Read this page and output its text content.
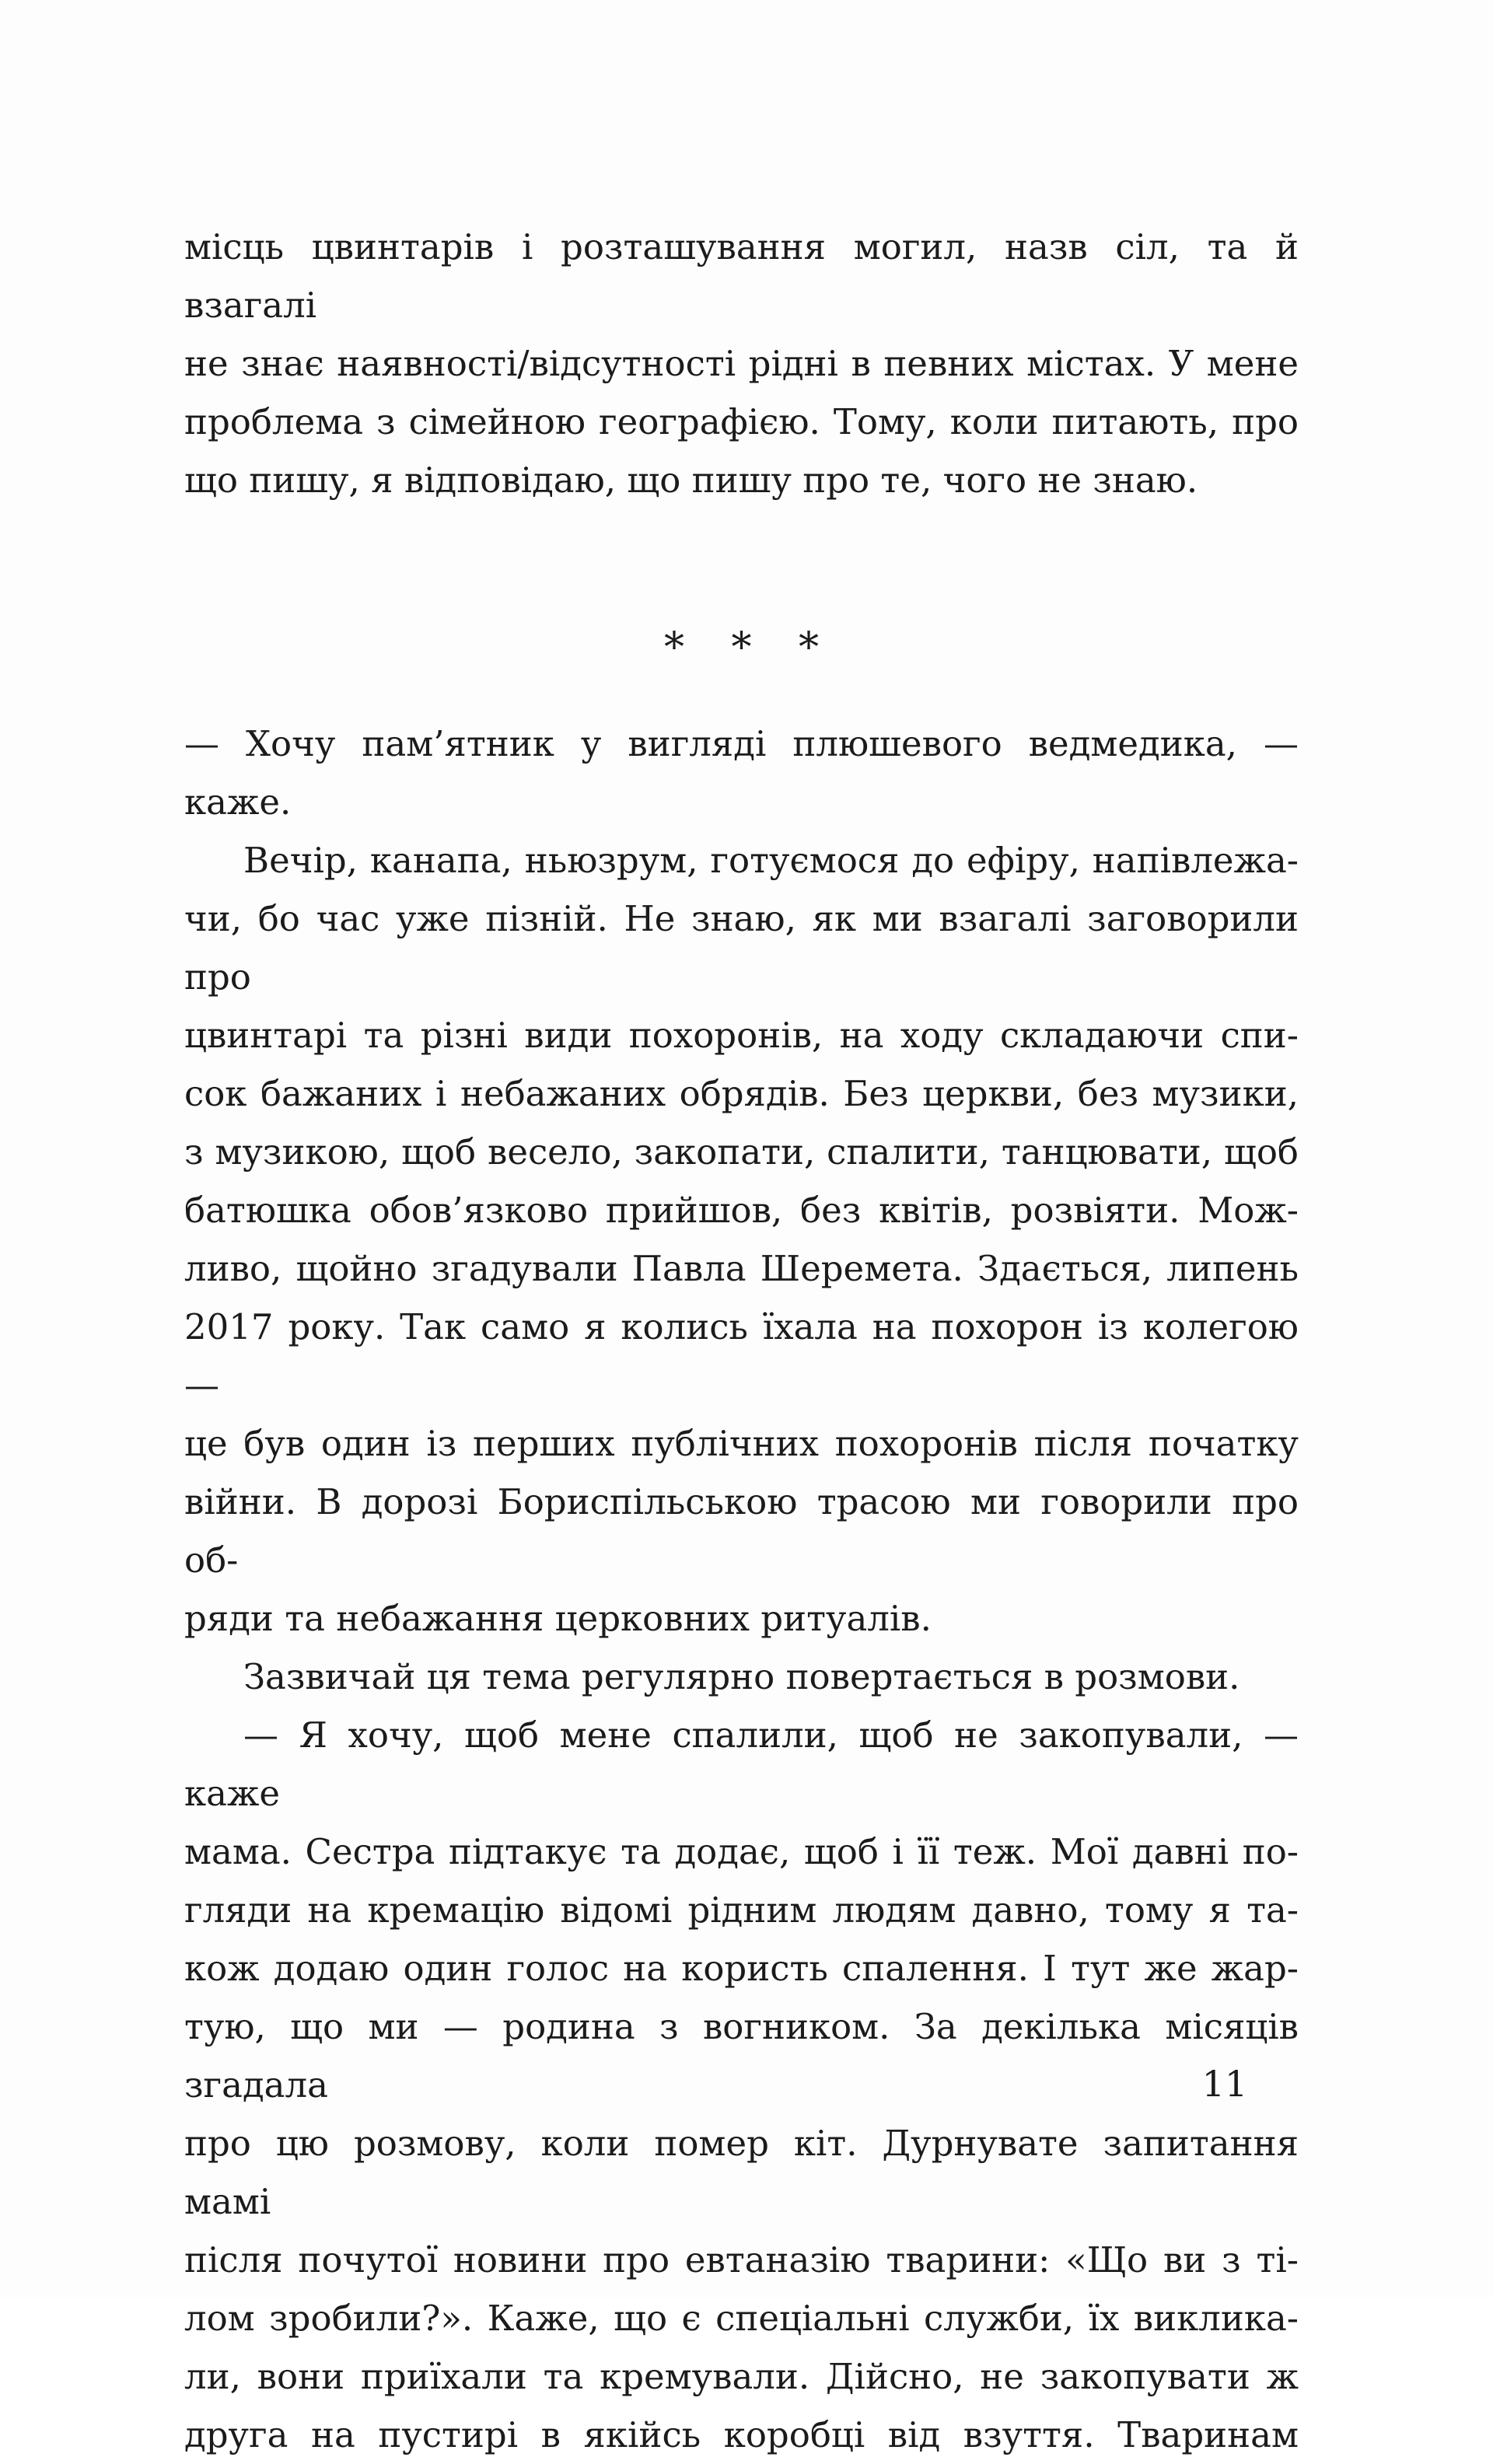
місць цвинтарів і розташування могил, назв сіл, та й взагалі
не знає наявності/відсутності рідні в певних містах. У мене
проблема з сімейною географією. Тому, коли питають, про
що пишу, я відповідаю, що пишу про те, чого не знаю.
* * *
— Хочу пам’ятник у вигляді плюшевого ведмедика, — каже.
Вечір, канапа, ньюзрум, готуємося до ефіру, напівлежа-
чи, бо час уже пізній. Не знаю, як ми взагалі заговорили про
цвинтарі та різні види похоронів, на ходу складаючи спи-
сок бажаних і небажаних обрядів. Без церкви, без музики,
з музикою, щоб весело, закопати, спалити, танцювати, щоб
батюшка обов’язково прийшов, без квітів, розвіяти. Мож-
ливо, щойно згадували Павла Шеремета. Здається, липень
2017 року. Так само я колись їхала на похорон із колегою —
це був один із перших публічних похоронів після початку
війни. В дорозі Бориспільською трасою ми говорили про об-
ряди та небажання церковних ритуалів.
Зазвичай ця тема регулярно повертається в розмови.
— Я хочу, щоб мене спалили, щоб не закопували, — каже
мама. Сестра підтакує та додає, щоб і її теж. Мої давні по-
гляди на кремацію відомі рідним людям давно, тому я та-
кож додаю один голос на користь спалення. І тут же жар-
тую, що ми — родина з вогником. За декілька місяців згадала
про цю розмову, коли помер кіт. Дурнувате запитання мамі
після почутої новини про евтаназію тварини: «Що ви з ті-
лом зробили?». Каже, що є спеціальні служби, їх виклика-
ли, вони приїхали та кремували. Дійсно, не закопувати ж
друга на пустирі в якійсь коробці від взуття. Тваринам
11
